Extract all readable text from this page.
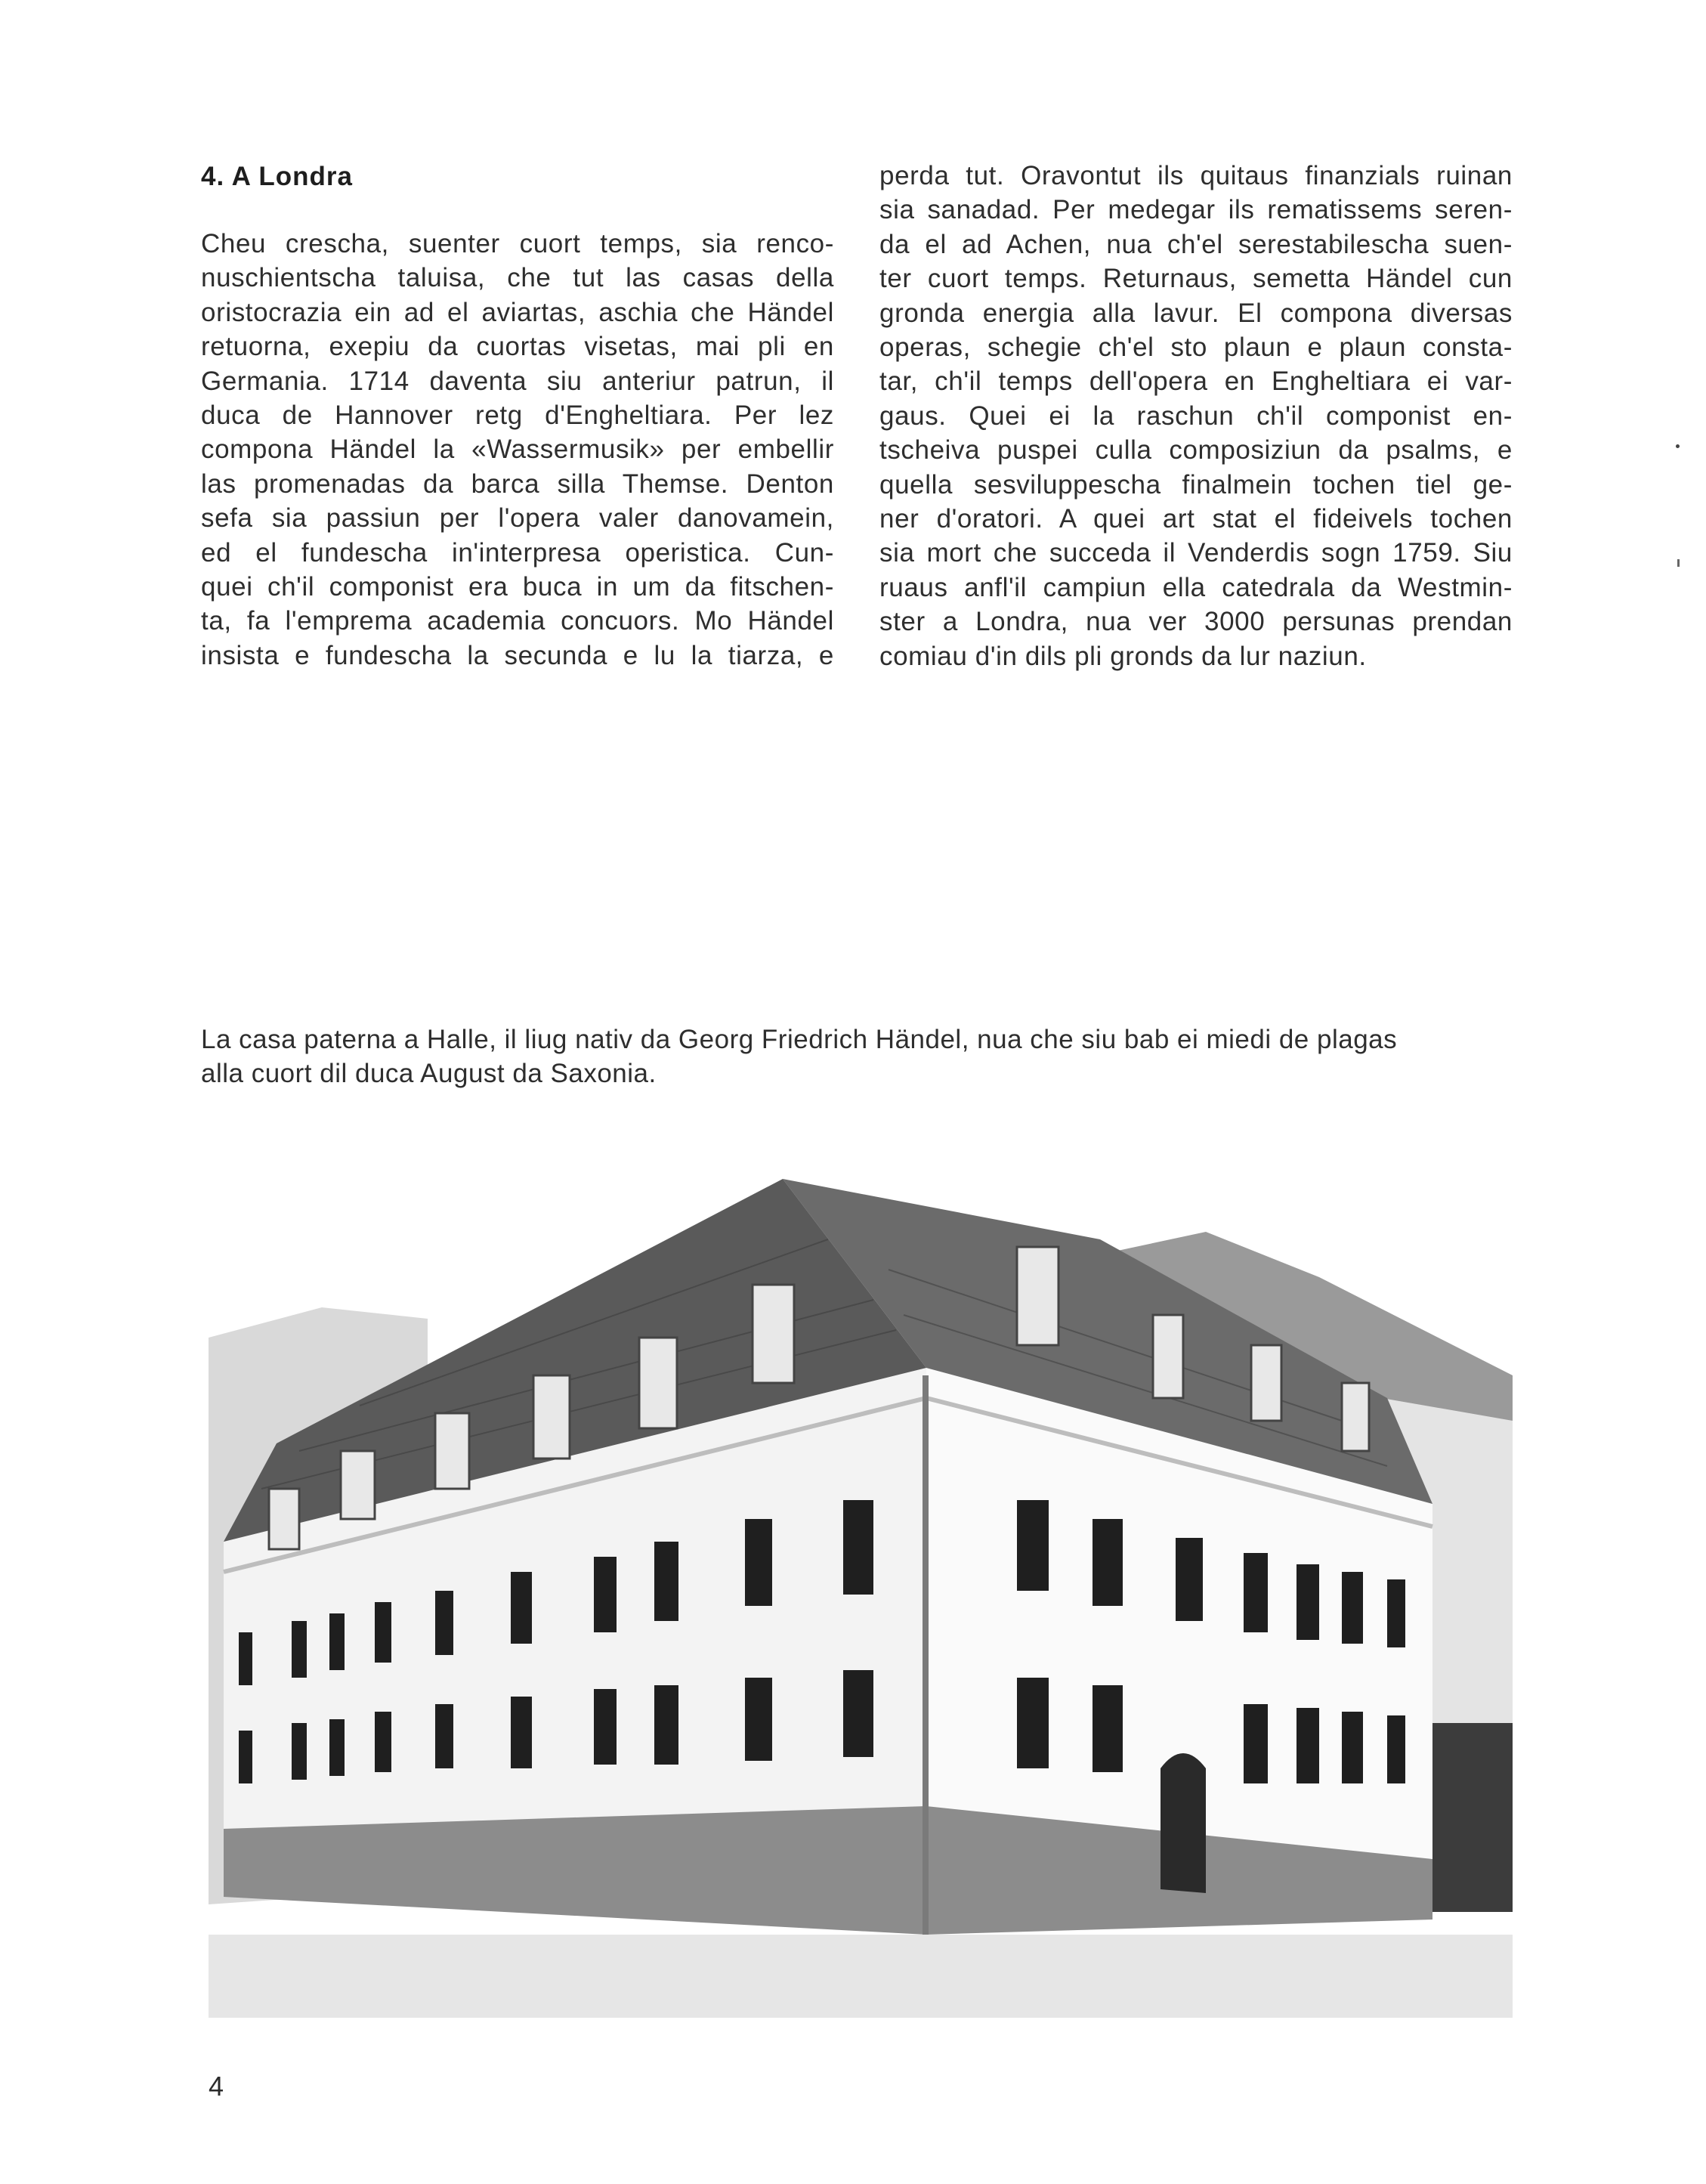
4. A Londra
Cheu crescha, suenter cuort temps, sia renco-
nuschientscha taluisa, che tut las casas della
oristocrazia ein ad el aviartas, aschia che Händel
retuorna, exepiu da cuortas visetas, mai pli en
Germania. 1714 daventa siu anteriur patrun, il
duca de Hannover retg d'Engheltiara. Per lez
compona Händel la «Wassermusik» per embellir
las promenadas da barca silla Themse. Denton
sefa sia passiun per l'opera valer danovamein,
ed el fundescha in'interpresa operistica. Cun-
quei ch'il componist era buca in um da fitschen-
ta, fa l'emprema academia concuors. Mo Händel
insista e fundescha la secunda e lu la tiarza, e
perda tut. Oravontut ils quitaus finanzials ruinan
sia sanadad. Per medegar ils rematissems seren-
da el ad Achen, nua ch'el serestabilescha suen-
ter cuort temps. Returnaus, semetta Händel cun
gronda energia alla lavur. El compona diversas
operas, schegie ch'el sto plaun e plaun consta-
tar, ch'il temps dell'opera en Engheltiara ei var-
gaus. Quei ei la raschun ch'il componist en-
tscheiva puspei culla composiziun da psalms, e
quella sesviluppescha finalmein tochen tiel ge-
ner d'oratori. A quei art stat el fideivels tochen
sia mort che succeda il Venderdis sogn 1759. Siu
ruaus anfl'il campiun ella catedrala da Westmin-
ster a Londra, nua ver 3000 persunas prendan
comiau d'in dils pli gronds da lur naziun.
La casa paterna a Halle, il liug nativ da Georg Friedrich Händel, nua che siu bab ei miedi de plagas
alla cuort dil duca August da Saxonia.
4
